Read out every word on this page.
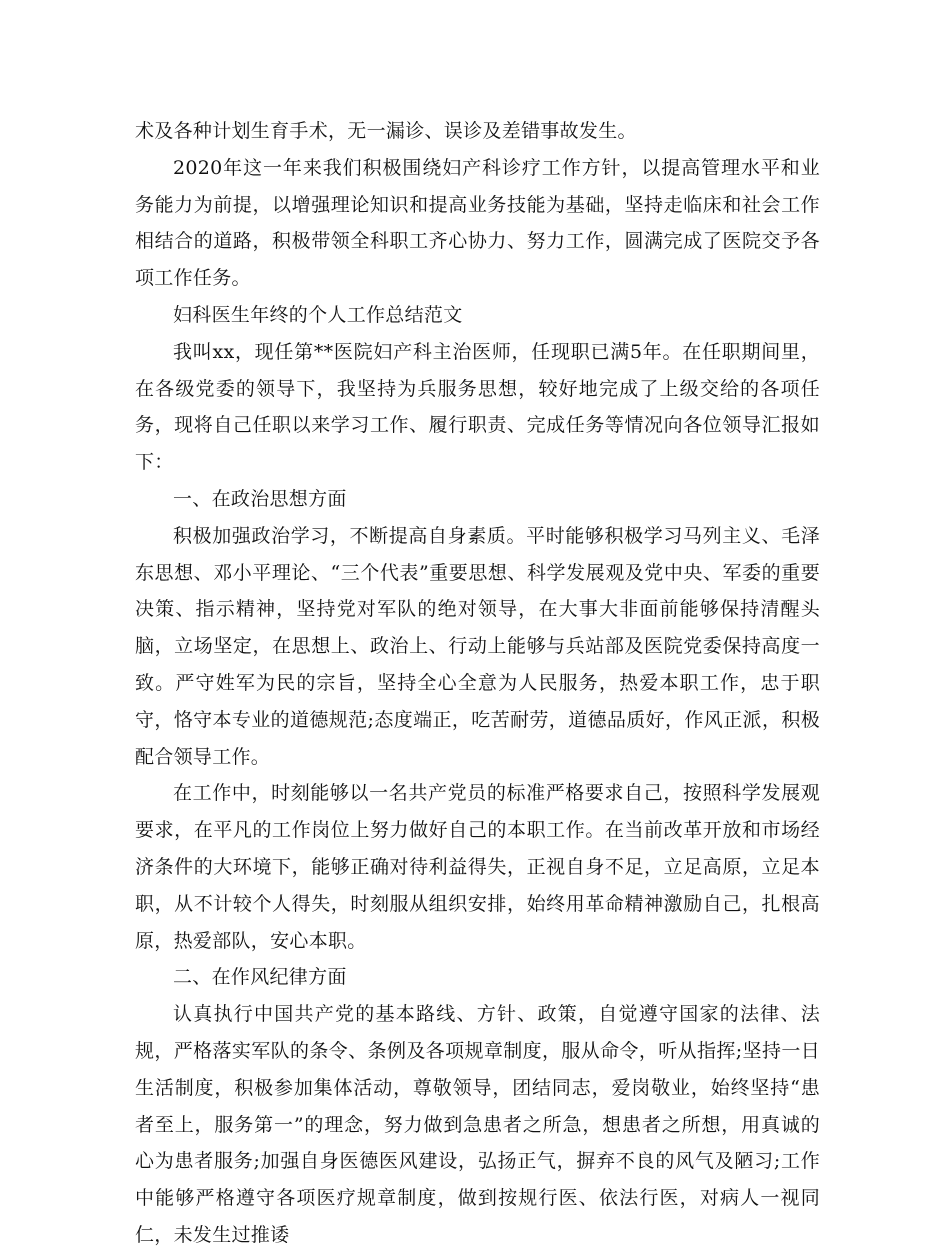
术及各种计划生育手术，无一漏诊、误诊及差错事故发生。

2020年这一年来我们积极围绕妇产科诊疗工作方针，以提高管理水平和业务能力为前提，以增强理论知识和提高业务技能为基础，坚持走临床和社会工作相结合的道路，积极带领全科职工齐心协力、努力工作，圆满完成了医院交予各项工作任务。

妇科医生年终的个人工作总结范文

我叫xx，现任第**医院妇产科主治医师，任现职已满5年。在任职期间里，在各级党委的领导下，我坚持为兵服务思想，较好地完成了上级交给的各项任务，现将自己任职以来学习工作、履行职责、完成任务等情况向各位领导汇报如下：

一、在政治思想方面

积极加强政治学习，不断提高自身素质。平时能够积极学习马列主义、毛泽东思想、邓小平理论、“三个代表”重要思想、科学发展观及党中央、军委的重要决策、指示精神，坚持党对军队的绝对领导，在大事大非面前能够保持清醒头脑，立场坚定，在思想上、政治上、行动上能够与兵站部及医院党委保持高度一致。严守姓军为民的宗旨，坚持全心全意为人民服务，热爱本职工作，忠于职守，恪守本专业的道德规范;态度端正，吃苦耐劳，道德品质好，作风正派，积极配合领导工作。

在工作中，时刻能够以一名共产党员的标准严格要求自己，按照科学发展观要求，在平凡的工作岗位上努力做好自己的本职工作。在当前改革开放和市场经济条件的大环境下，能够正确对待利益得失，正视自身不足，立足高原，立足本职，从不计较个人得失，时刻服从组织安排，始终用革命精神激励自己，扎根高原，热爱部队，安心本职。

二、在作风纪律方面

认真执行中国共产党的基本路线、方针、政策，自觉遵守国家的法律、法规，严格落实军队的条令、条例及各项规章制度，服从命令，听从指挥;坚持一日生活制度，积极参加集体活动，尊敬领导，团结同志，爱岗敬业，始终坚持“患者至上，服务第一”的理念，努力做到急患者之所急，想患者之所想，用真诚的心为患者服务;加强自身医德医风建设，弘扬正气，摒弃不良的风气及陋习;工作中能够严格遵守各项医疗规章制度，做到按规行医、依法行医，对病人一视同仁，未发生过推诿
